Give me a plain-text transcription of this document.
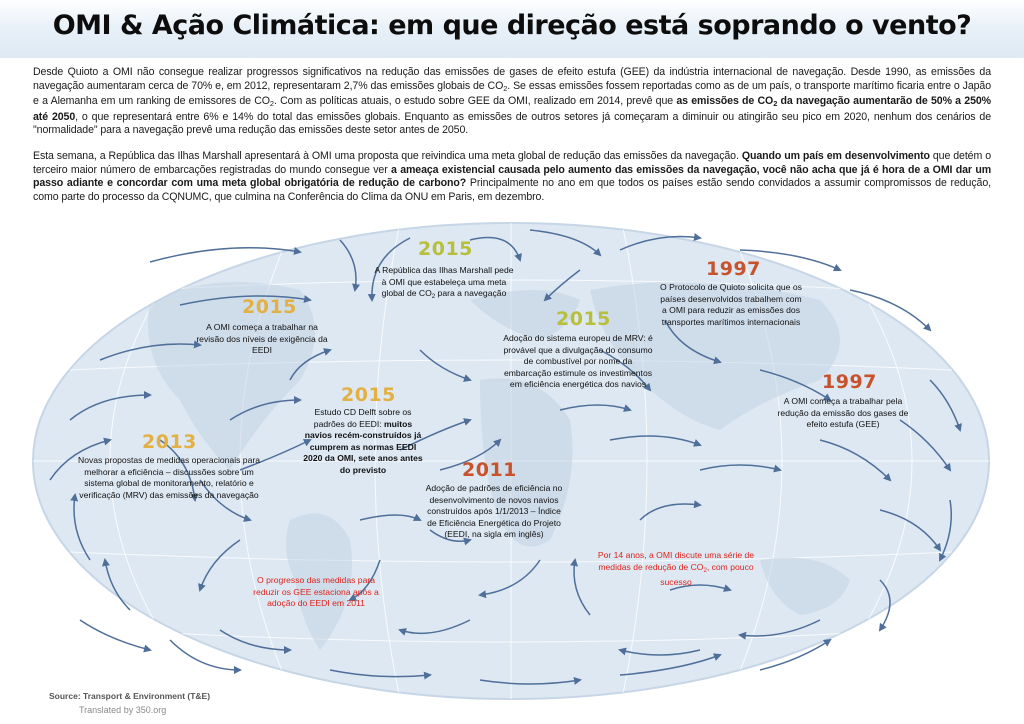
OMI & Ação Climática: em que direção está soprando o vento?

Desde Quioto a OMI não consegue realizar progressos significativos na redução das emissões de gases de efeito estufa (GEE) da indústria internacional de navegação. Desde 1990, as emissões da navegação aumentaram cerca de 70% e, em 2012, representaram 2,7% das emissões globais de $CO_2$. Se essas emissões fossem reportadas como as de um país, o transporte marítimo ficaria entre o Japão e a Alemanha em um ranking de emissores de $CO_2$. Com as políticas atuais, o estudo sobre GEE da OMI, realizado em 2014, prevê que as emissões de $CO_2$ da navegação aumentarão de 50% a 250% até 2050, o que representará entre 6% e 14% do total das emissões globais. Enquanto as emissões de outros setores já começaram a diminuir ou atingirão seu pico em 2020, nenhum dos cenários de "normalidade" para a navegação prevê uma redução das emissões deste setor antes de 2050.

Esta semana, a República das Ilhas Marshall apresentará à OMI uma proposta que reivindica uma meta global de redução das emissões da navegação. Quando um país em desenvolvimento que detém o terceiro maior número de embarcações registradas do mundo consegue ver a ameaça existencial causada pelo aumento das emissões da navegação, você não acha que já é hora de a OMI dar um passo adiante e concordar com uma meta global obrigatória de redução de carbono? Principalmente no ano em que todos os países estão sendo convidados a assumir compromissos de redução, como parte do processo da CQNUMC, que culmina na Conferência do Clima da ONU em Paris, em dezembro.

2015
A República das Ilhas Marshall pede à OMI que estabeleça uma meta global de $CO_2$ para a navegação
2015
A OMI começa a trabalhar na revisão dos níveis de exigência da EEDI
2015
Adoção do sistema europeu de MRV: é provável que a divulgação do consumo de combustível por nome da embarcação estimule os investimentos em eficiência energética dos navios
1997
O Protocolo de Quioto solicita que os países desenvolvidos trabalhem com a OMI para reduzir as emissões dos transportes marítimos internacionais
1997
A OMI começa a trabalhar pela redução da emissão dos gases de efeito estufa (GEE)
2015
Estudo CD Delft sobre os padrões do EEDI: muitos navios recém-construídos já cumprem as normas EEDI 2020 da OMI, sete anos antes do previsto
2013
Novas propostas de medidas operacionais para melhorar a eficiência – discussões sobre um sistema global de monitoramento, relatório e verificação (MRV) das emissões da navegação
2011
Adoção de padrões de eficiência no desenvolvimento de novos navios construídos após 1/1/2013 – Índice de Eficiência Energética do Projeto (EEDI, na sigla em inglês)
O progresso das medidas para reduzir os GEE estaciona após a adoção do EEDI em 2011
Por 14 anos, a OMI discute uma série de medidas de redução de $CO_2$, com pouco sucesso
Source: Transport & Environment (T&E)
Translated by 350.org
